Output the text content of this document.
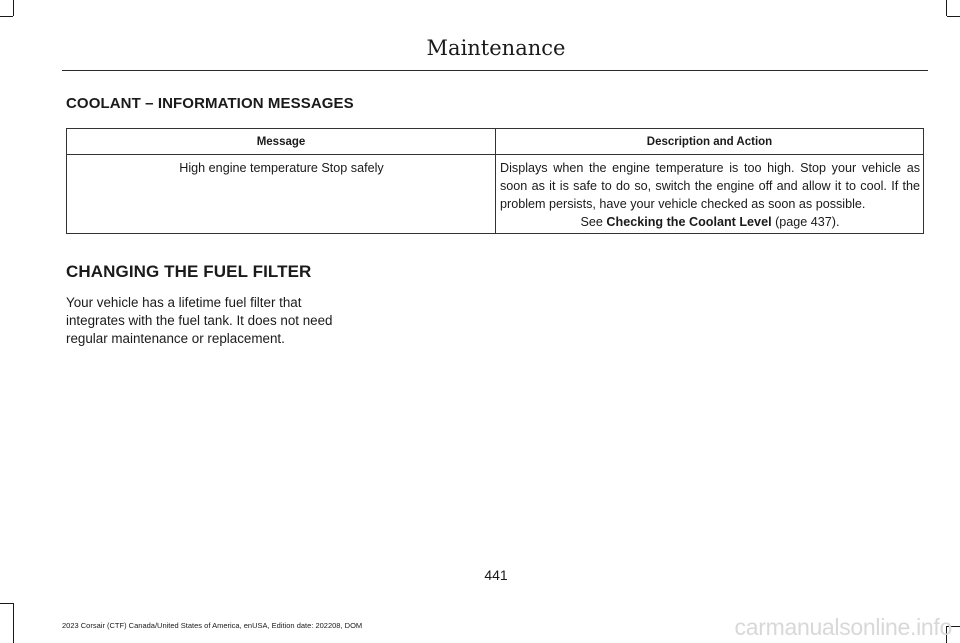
Maintenance
COOLANT – INFORMATION MESSAGES
Message	Description and Action
High engine temperature Stop safely	Displays when the engine temperature is too high. Stop your vehicle as soon as it is safe to do so, switch the engine off and allow it to cool. If the problem persists, have your vehicle checked as soon as possible.
See Checking the Coolant Level (page 437).
CHANGING THE FUEL FILTER

Your vehicle has a lifetime fuel filter that integrates with the fuel tank. It does not need regular maintenance or replacement.

441
2023 Corsair (CTF) Canada/United States of America, enUSA, Edition date: 202208, DOM	carmanualsonline.info
